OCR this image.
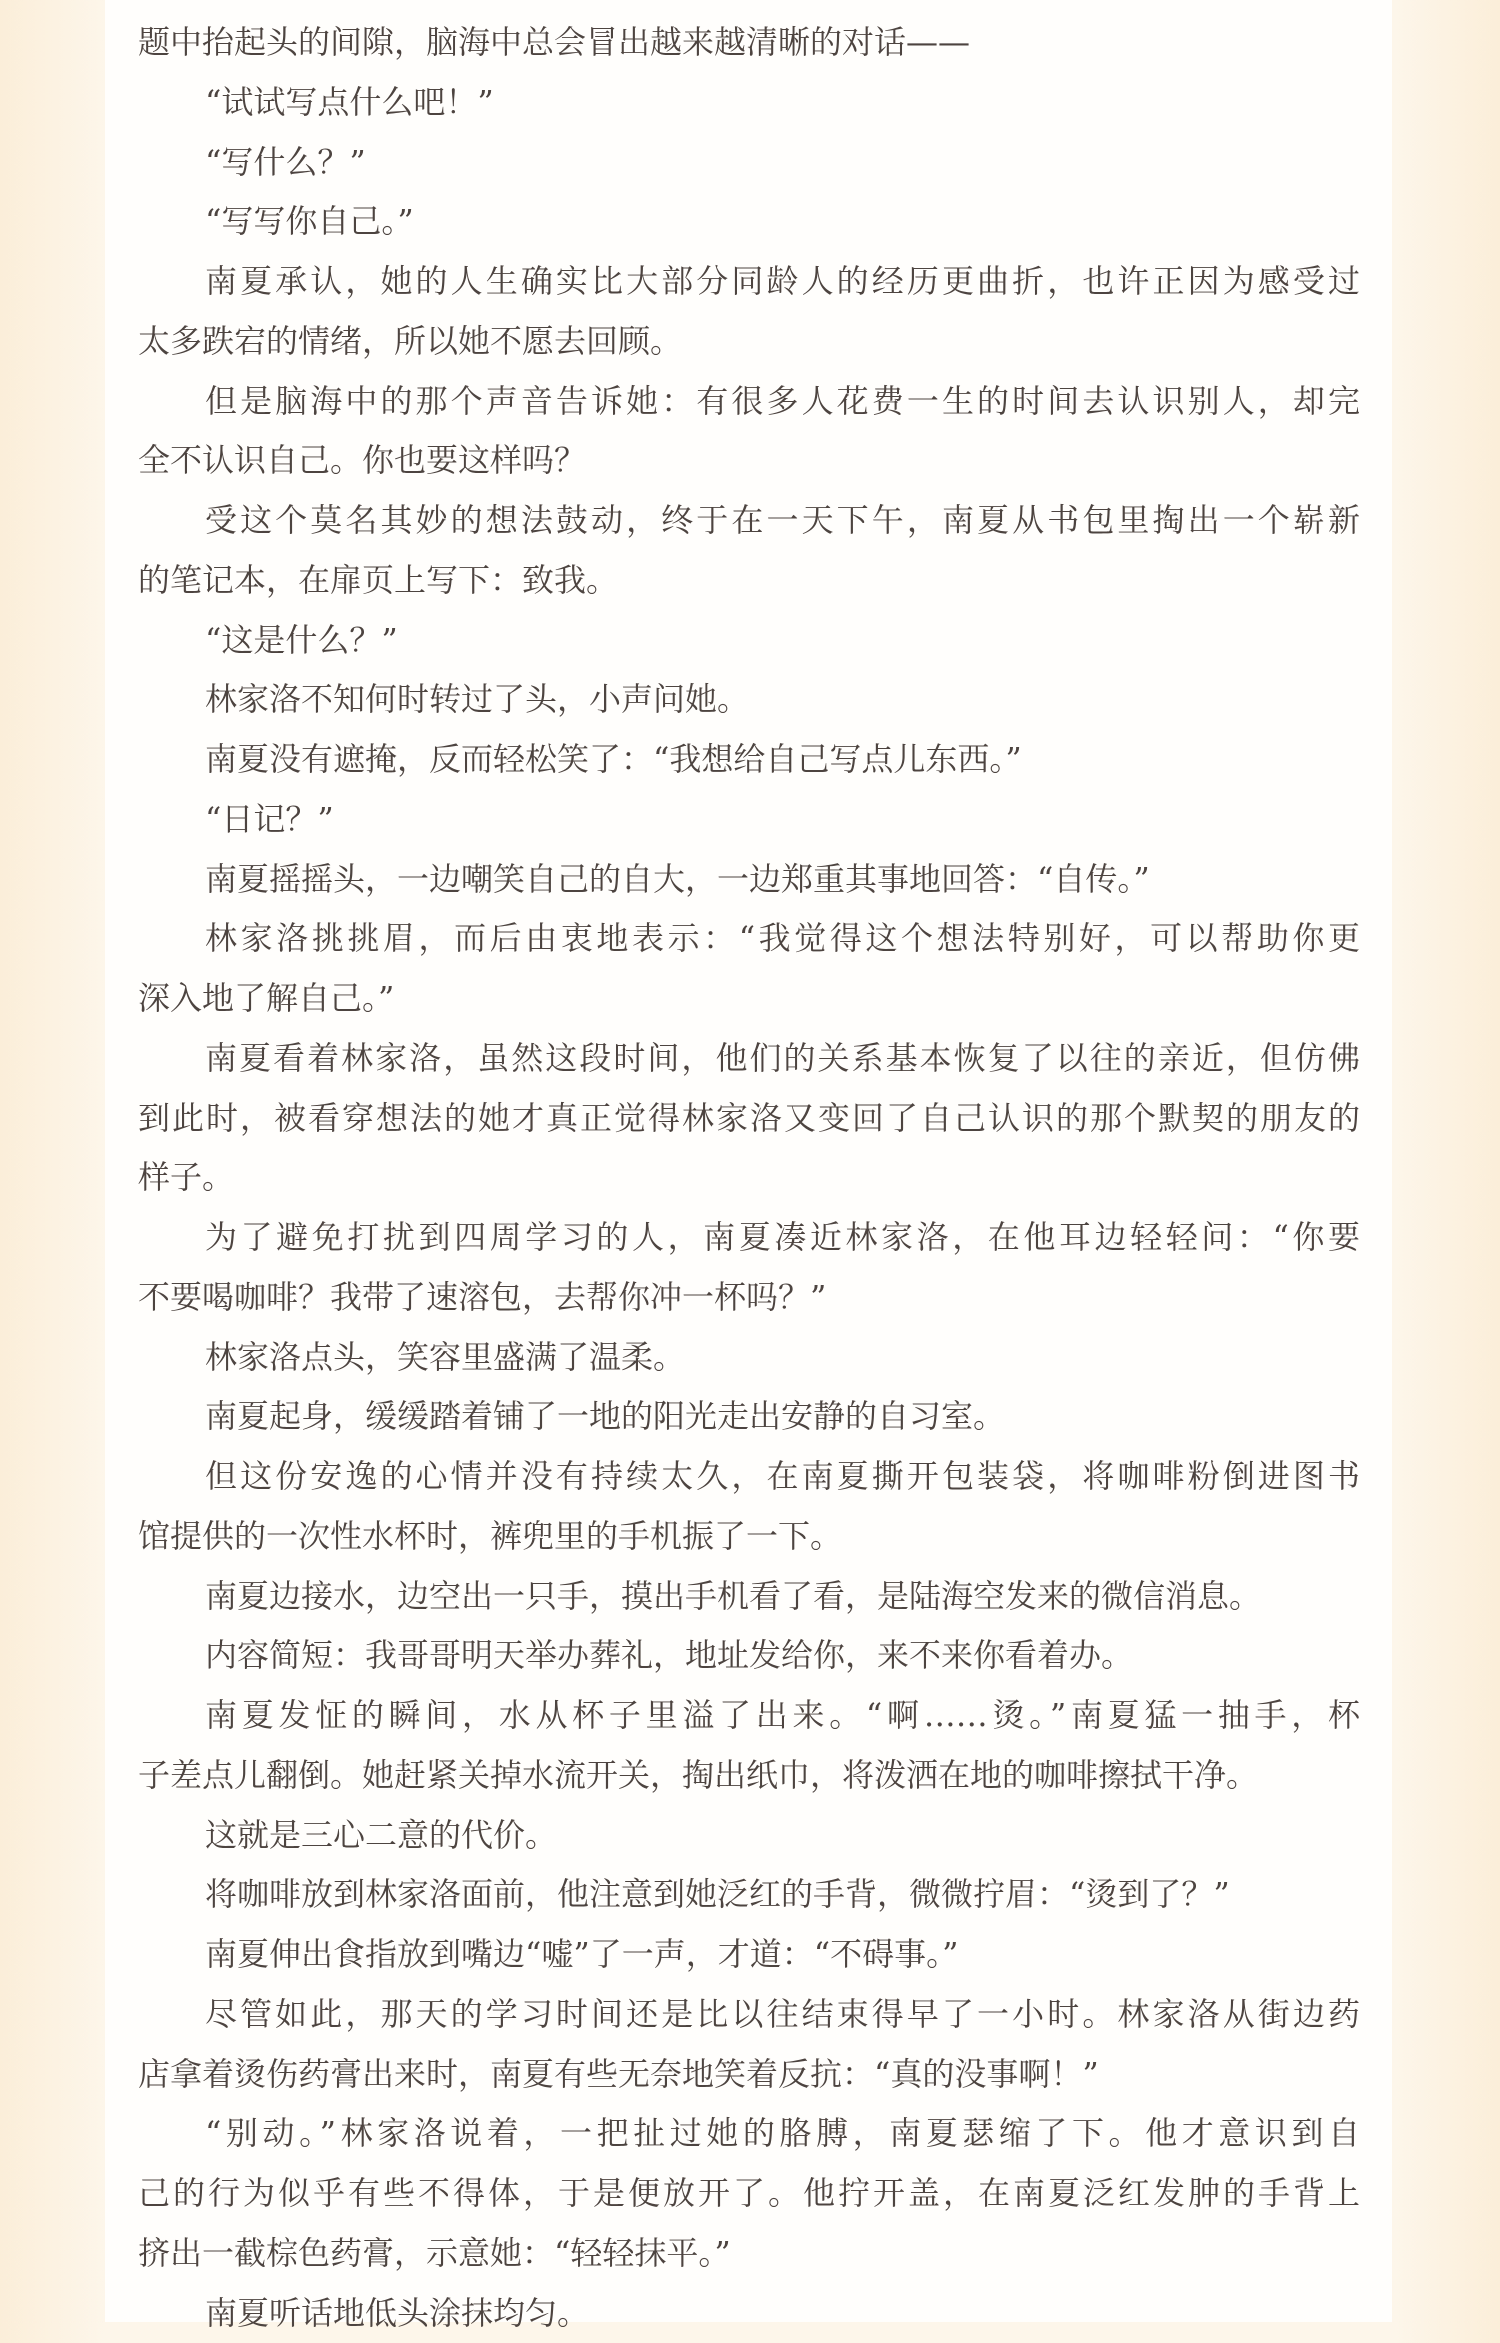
题中抬起头的间隙，脑海中总会冒出越来越清晰的对话——
“试试写点什么吧！”
“写什么？”
“写写你自己。”
南夏承认，她的人生确实比大部分同龄人的经历更曲折，也许正因为感受过
太多跌宕的情绪，所以她不愿去回顾。
但是脑海中的那个声音告诉她：有很多人花费一生的时间去认识别人，却完
全不认识自己。你也要这样吗？
受这个莫名其妙的想法鼓动，终于在一天下午，南夏从书包里掏出一个崭新
的笔记本，在扉页上写下：致我。
“这是什么？”
林家洛不知何时转过了头，小声问她。
南夏没有遮掩，反而轻松笑了：“我想给自己写点儿东西。”
“日记？”
南夏摇摇头，一边嘲笑自己的自大，一边郑重其事地回答：“自传。”
林家洛挑挑眉，而后由衷地表示：“我觉得这个想法特别好，可以帮助你更
深入地了解自己。”
南夏看着林家洛，虽然这段时间，他们的关系基本恢复了以往的亲近，但仿佛
到此时，被看穿想法的她才真正觉得林家洛又变回了自己认识的那个默契的朋友的
样子。
为了避免打扰到四周学习的人，南夏凑近林家洛，在他耳边轻轻问：“你要
不要喝咖啡？我带了速溶包，去帮你冲一杯吗？”
林家洛点头，笑容里盛满了温柔。
南夏起身，缓缓踏着铺了一地的阳光走出安静的自习室。
但这份安逸的心情并没有持续太久，在南夏撕开包装袋，将咖啡粉倒进图书
馆提供的一次性水杯时，裤兜里的手机振了一下。
南夏边接水，边空出一只手，摸出手机看了看，是陆海空发来的微信消息。
内容简短：我哥哥明天举办葬礼，地址发给你，来不来你看着办。
南夏发怔的瞬间，水从杯子里溢了出来。“啊……烫。”南夏猛一抽手，杯
子差点儿翻倒。她赶紧关掉水流开关，掏出纸巾，将泼洒在地的咖啡擦拭干净。
这就是三心二意的代价。
将咖啡放到林家洛面前，他注意到她泛红的手背，微微拧眉：“烫到了？”
南夏伸出食指放到嘴边“嘘”了一声，才道：“不碍事。”
尽管如此，那天的学习时间还是比以往结束得早了一小时。林家洛从街边药
店拿着烫伤药膏出来时，南夏有些无奈地笑着反抗：“真的没事啊！”
“别动。”林家洛说着，一把扯过她的胳膊，南夏瑟缩了下。他才意识到自
己的行为似乎有些不得体，于是便放开了。他拧开盖，在南夏泛红发肿的手背上
挤出一截棕色药膏，示意她：“轻轻抹平。”
南夏听话地低头涂抹均匀。
